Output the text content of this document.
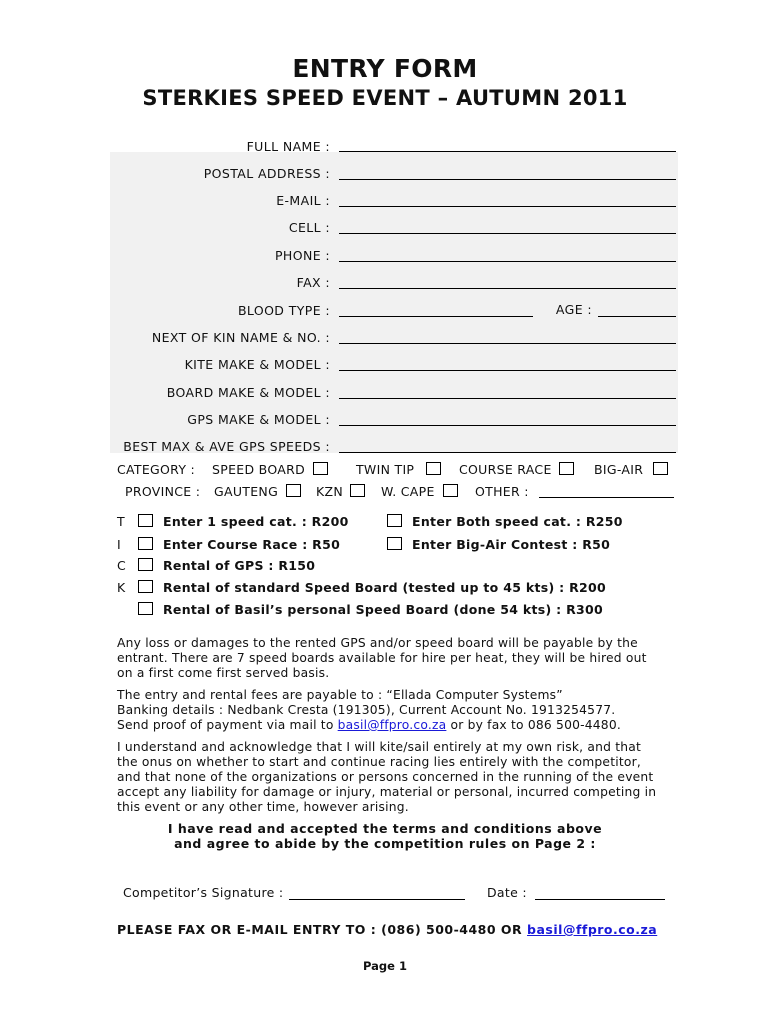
ENTRY FORM
STERKIES SPEED EVENT – AUTUMN 2011
FULL NAME :
POSTAL ADDRESS :
E-MAIL :
CELL :
PHONE :
FAX :
BLOOD TYPE :	AGE :
NEXT OF KIN NAME & NO. :
KITE MAKE & MODEL :
BOARD MAKE & MODEL :
GPS MAKE & MODEL :
BEST MAX & AVE GPS SPEEDS :
CATEGORY : SPEED BOARD	TWIN TIP	COURSE RACE	BIG-AIR
PROVINCE : GAUTENG	KZN	W. CAPE	OTHER :
T
I
C
K
Enter 1 speed cat. : R200	Enter Both speed cat. : R250
Enter Course Race : R50	Enter Big-Air Contest : R50
Rental of GPS : R150
Rental of standard Speed Board (tested up to 45 kts) : R200
Rental of Basil’s personal Speed Board (done 54 kts) : R300
Any loss or damages to the rented GPS and/or speed board will be payable by the entrant. There are 7 speed boards available for hire per heat, they will be hired out on a first come first served basis.
The entry and rental fees are payable to : “Ellada Computer Systems”
Banking details : Nedbank Cresta (191305), Current Account No. 1913254577.
Send proof of payment via mail to basil@ffpro.co.za or by fax to 086 500-4480.
I understand and acknowledge that I will kite/sail entirely at my own risk, and that the onus on whether to start and continue racing lies entirely with the competitor, and that none of the organizations or persons concerned in the running of the event accept any liability for damage or injury, material or personal, incurred competing in this event or any other time, however arising.
I have read and accepted the terms and conditions above
and agree to abide by the competition rules on Page 2 :
Competitor’s Signature :	Date :
PLEASE FAX OR E-MAIL ENTRY TO : (086) 500-4480 OR basil@ffpro.co.za
Page 1
